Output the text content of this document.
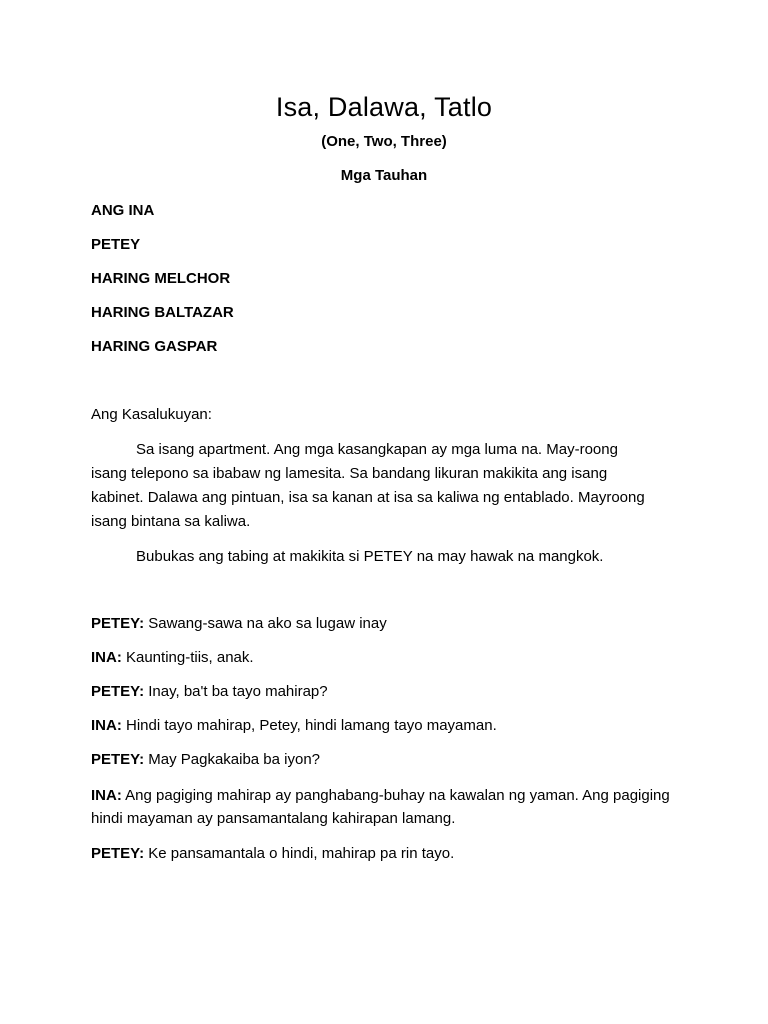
Isa, Dalawa, Tatlo
(One, Two, Three)
Mga Tauhan
ANG INA
PETEY
HARING MELCHOR
HARING BALTAZAR
HARING GASPAR
Ang Kasalukuyan:

Sa isang apartment. Ang mga kasangkapan ay mga luma na. May-roong isang telepono sa ibabaw ng lamesita. Sa bandang likuran makikita ang isang kabinet. Dalawa ang pintuan, isa sa kanan at isa sa kaliwa ng entablado. Mayroong isang bintana sa kaliwa.

Bubukas ang tabing at makikita si PETEY na may hawak na mangkok.

PETEY: Sawang-sawa na ako sa lugaw inay
INA: Kaunting-tiis, anak.
PETEY: Inay, ba't ba tayo mahirap?
INA: Hindi tayo mahirap, Petey, hindi lamang tayo mayaman.
PETEY: May Pagkakaiba ba iyon?
INA: Ang pagiging mahirap ay panghabang-buhay na kawalan ng yaman. Ang pagiging hindi mayaman ay pansamantalang kahirapan lamang.
PETEY: Ke pansamantala o hindi, mahirap pa rin tayo.
